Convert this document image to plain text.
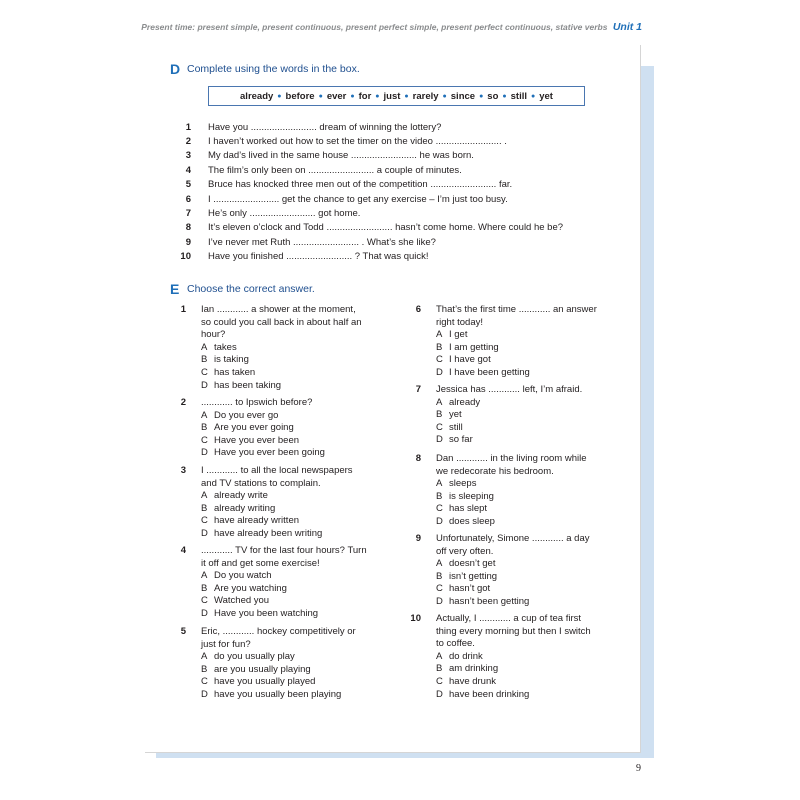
Present time: present simple, present continuous, present perfect simple, present perfect continuous, stative verbs Unit 1
D Complete using the words in the box.
already ● before ● ever ● for ● just ● rarely ● since ● so ● still ● yet
1 Have you ......................... dream of winning the lottery?
2 I haven’t worked out how to set the timer on the video ......................... .
3 My dad’s lived in the same house ......................... he was born.
4 The film’s only been on ......................... a couple of minutes.
5 Bruce has knocked three men out of the competition ......................... far.
6 I ......................... get the chance to get any exercise – I’m just too busy.
7 He’s only ......................... got home.
8 It’s eleven o’clock and Todd ......................... hasn’t come home. Where could he be?
9 I’ve never met Ruth ......................... . What’s she like?
10 Have you finished ......................... ? That was quick!
E Choose the correct answer.
1 Ian ............ a shower at the moment,
so could you call back in about half an
hour?
A takes
B is taking
C has taken
D has been taking
2 ............ to Ipswich before?
A Do you ever go
B Are you ever going
C Have you ever been
D Have you ever been going
3 I ............ to all the local newspapers
and TV stations to complain.
A already write
B already writing
C have already written
D have already been writing
4 ............ TV for the last four hours? Turn
it off and get some exercise!
A Do you watch
B Are you watching
C Watched you
D Have you been watching
5 Eric, ............ hockey competitively or
just for fun?
A do you usually play
B are you usually playing
C have you usually played
D have you usually been playing
6 That’s the first time ............ an answer
right today!
A I get
B I am getting
C I have got
D I have been getting
7 Jessica has ............ left, I’m afraid.
A already
B yet
C still
D so far
8 Dan ............ in the living room while
we redecorate his bedroom.
A sleeps
B is sleeping
C has slept
D does sleep
9 Unfortunately, Simone ............ a day
off very often.
A doesn’t get
B isn’t getting
C hasn’t got
D hasn’t been getting
10 Actually, I ............ a cup of tea first
thing every morning but then I switch
to coffee.
A do drink
B am drinking
C have drunk
D have been drinking
9
